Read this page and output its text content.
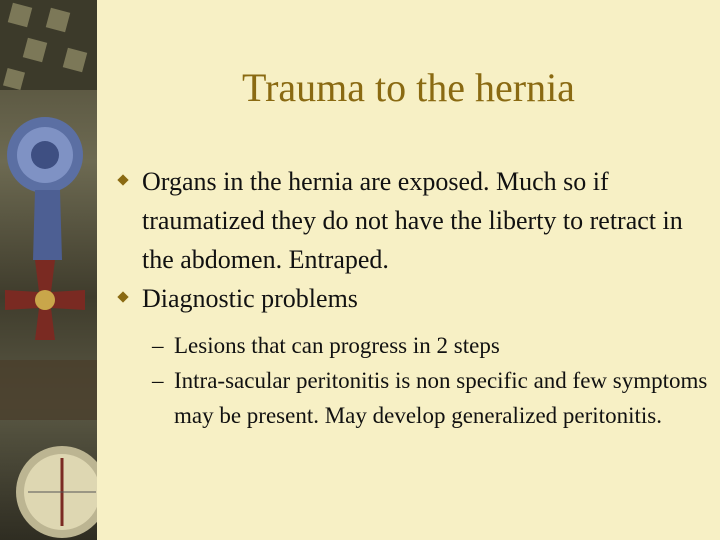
Trauma to the hernia
Organs in the hernia are exposed. Much so if traumatized they do not have the liberty to retract in the abdomen. Entraped.
Diagnostic problems
– Lesions that can progress in 2 steps
– Intra-sacular peritonitis is non specific and few symptoms may be present. May develop generalized peritonitis.
